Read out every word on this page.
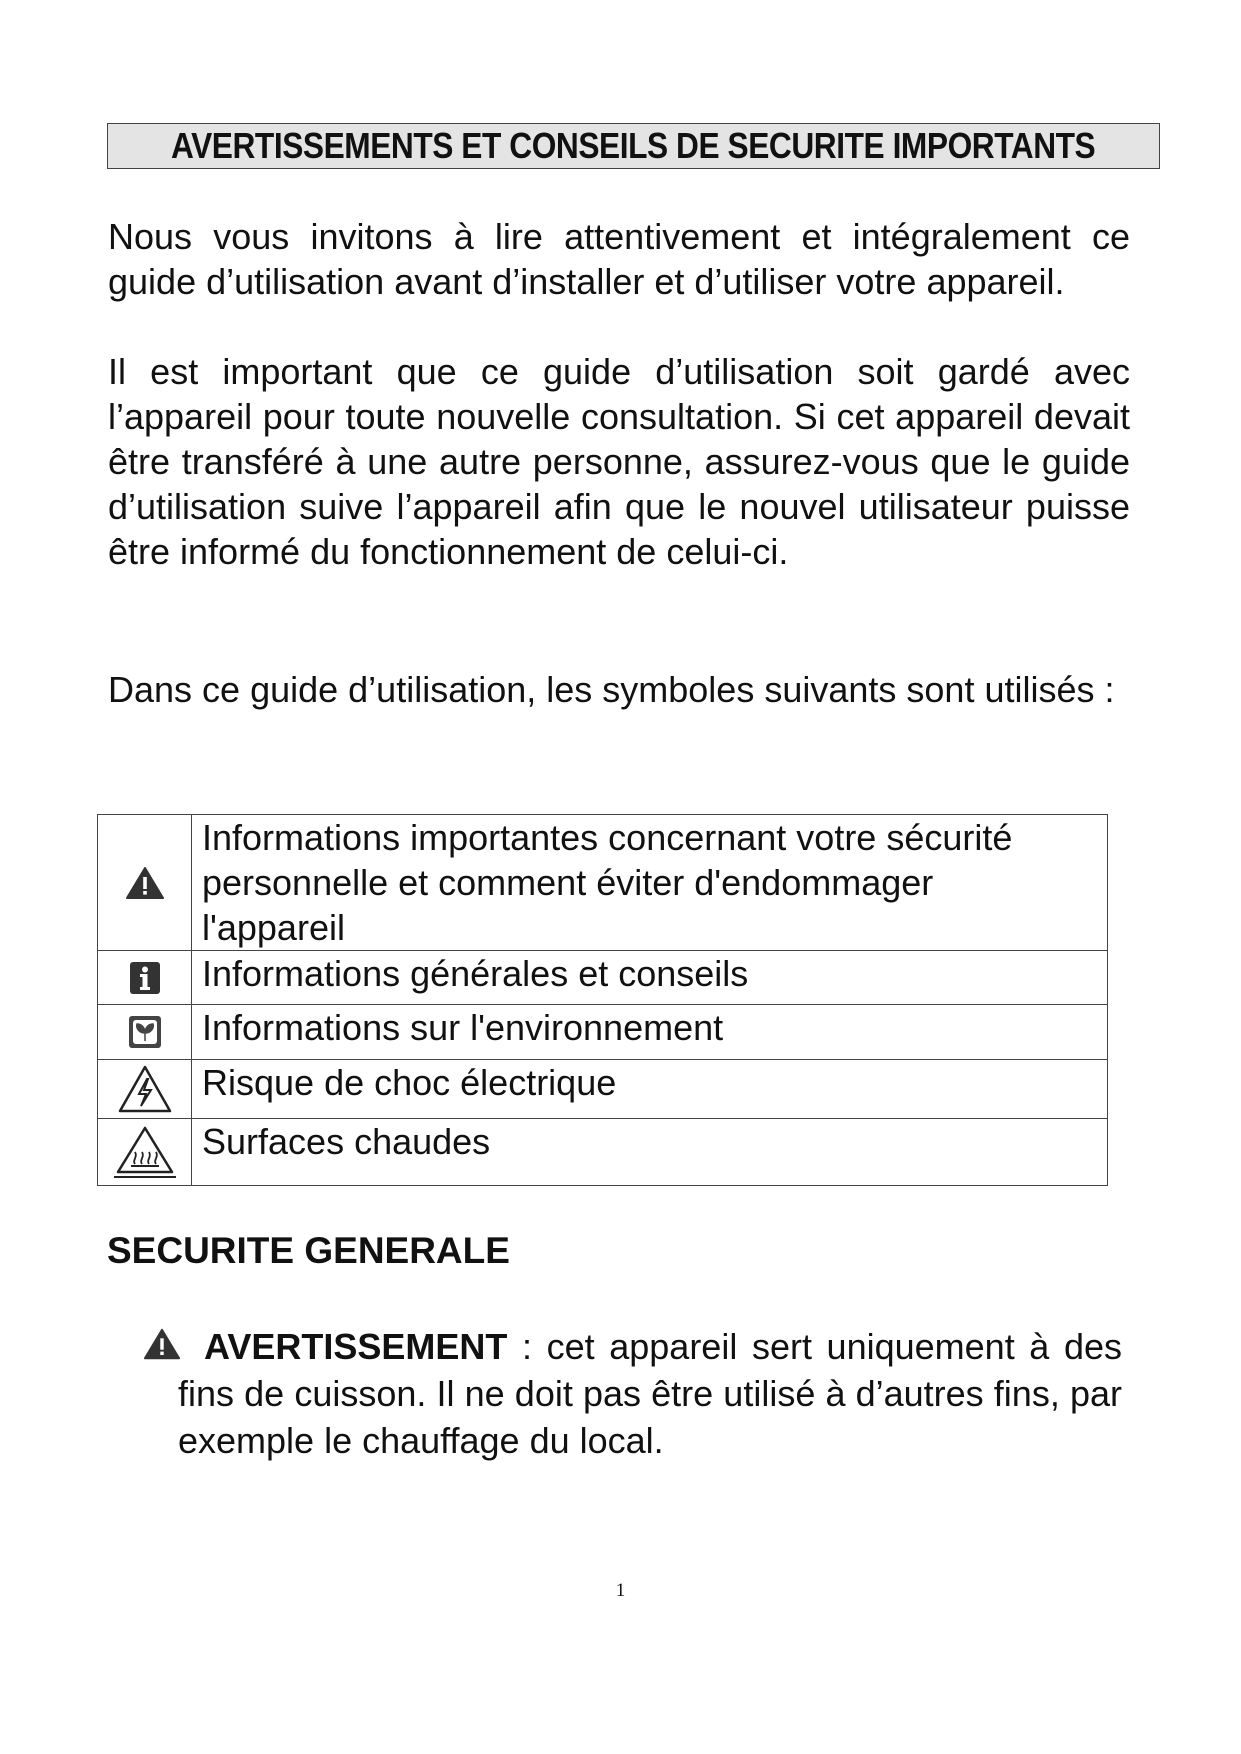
AVERTISSEMENTS ET CONSEILS DE SECURITE IMPORTANTS

Nous vous invitons à lire attentivement et intégralement ce guide d’utilisation avant d’installer et d’utiliser votre appareil.

Il est important que ce guide d’utilisation soit gardé avec l’appareil pour toute nouvelle consultation. Si cet appareil devait être transféré à une autre personne, assurez-vous que le guide d’utilisation suive l’appareil afin que le nouvel utilisateur puisse être informé du fonctionnement de celui-ci.

Dans ce guide d’utilisation, les symboles suivants sont utilisés :

Informations importantes concernant votre sécurité
personnelle et comment éviter d'endommager
l'appareil

	Informations générales et conseils
	Informations sur l'environnement
	Risque de choc électrique
	Surfaces chaudes
SECURITE GENERALE

AVERTISSEMENT : cet appareil sert uniquement à des fins de cuisson. Il ne doit pas être utilisé à d’autres fins, par exemple le chauffage du local.

1
